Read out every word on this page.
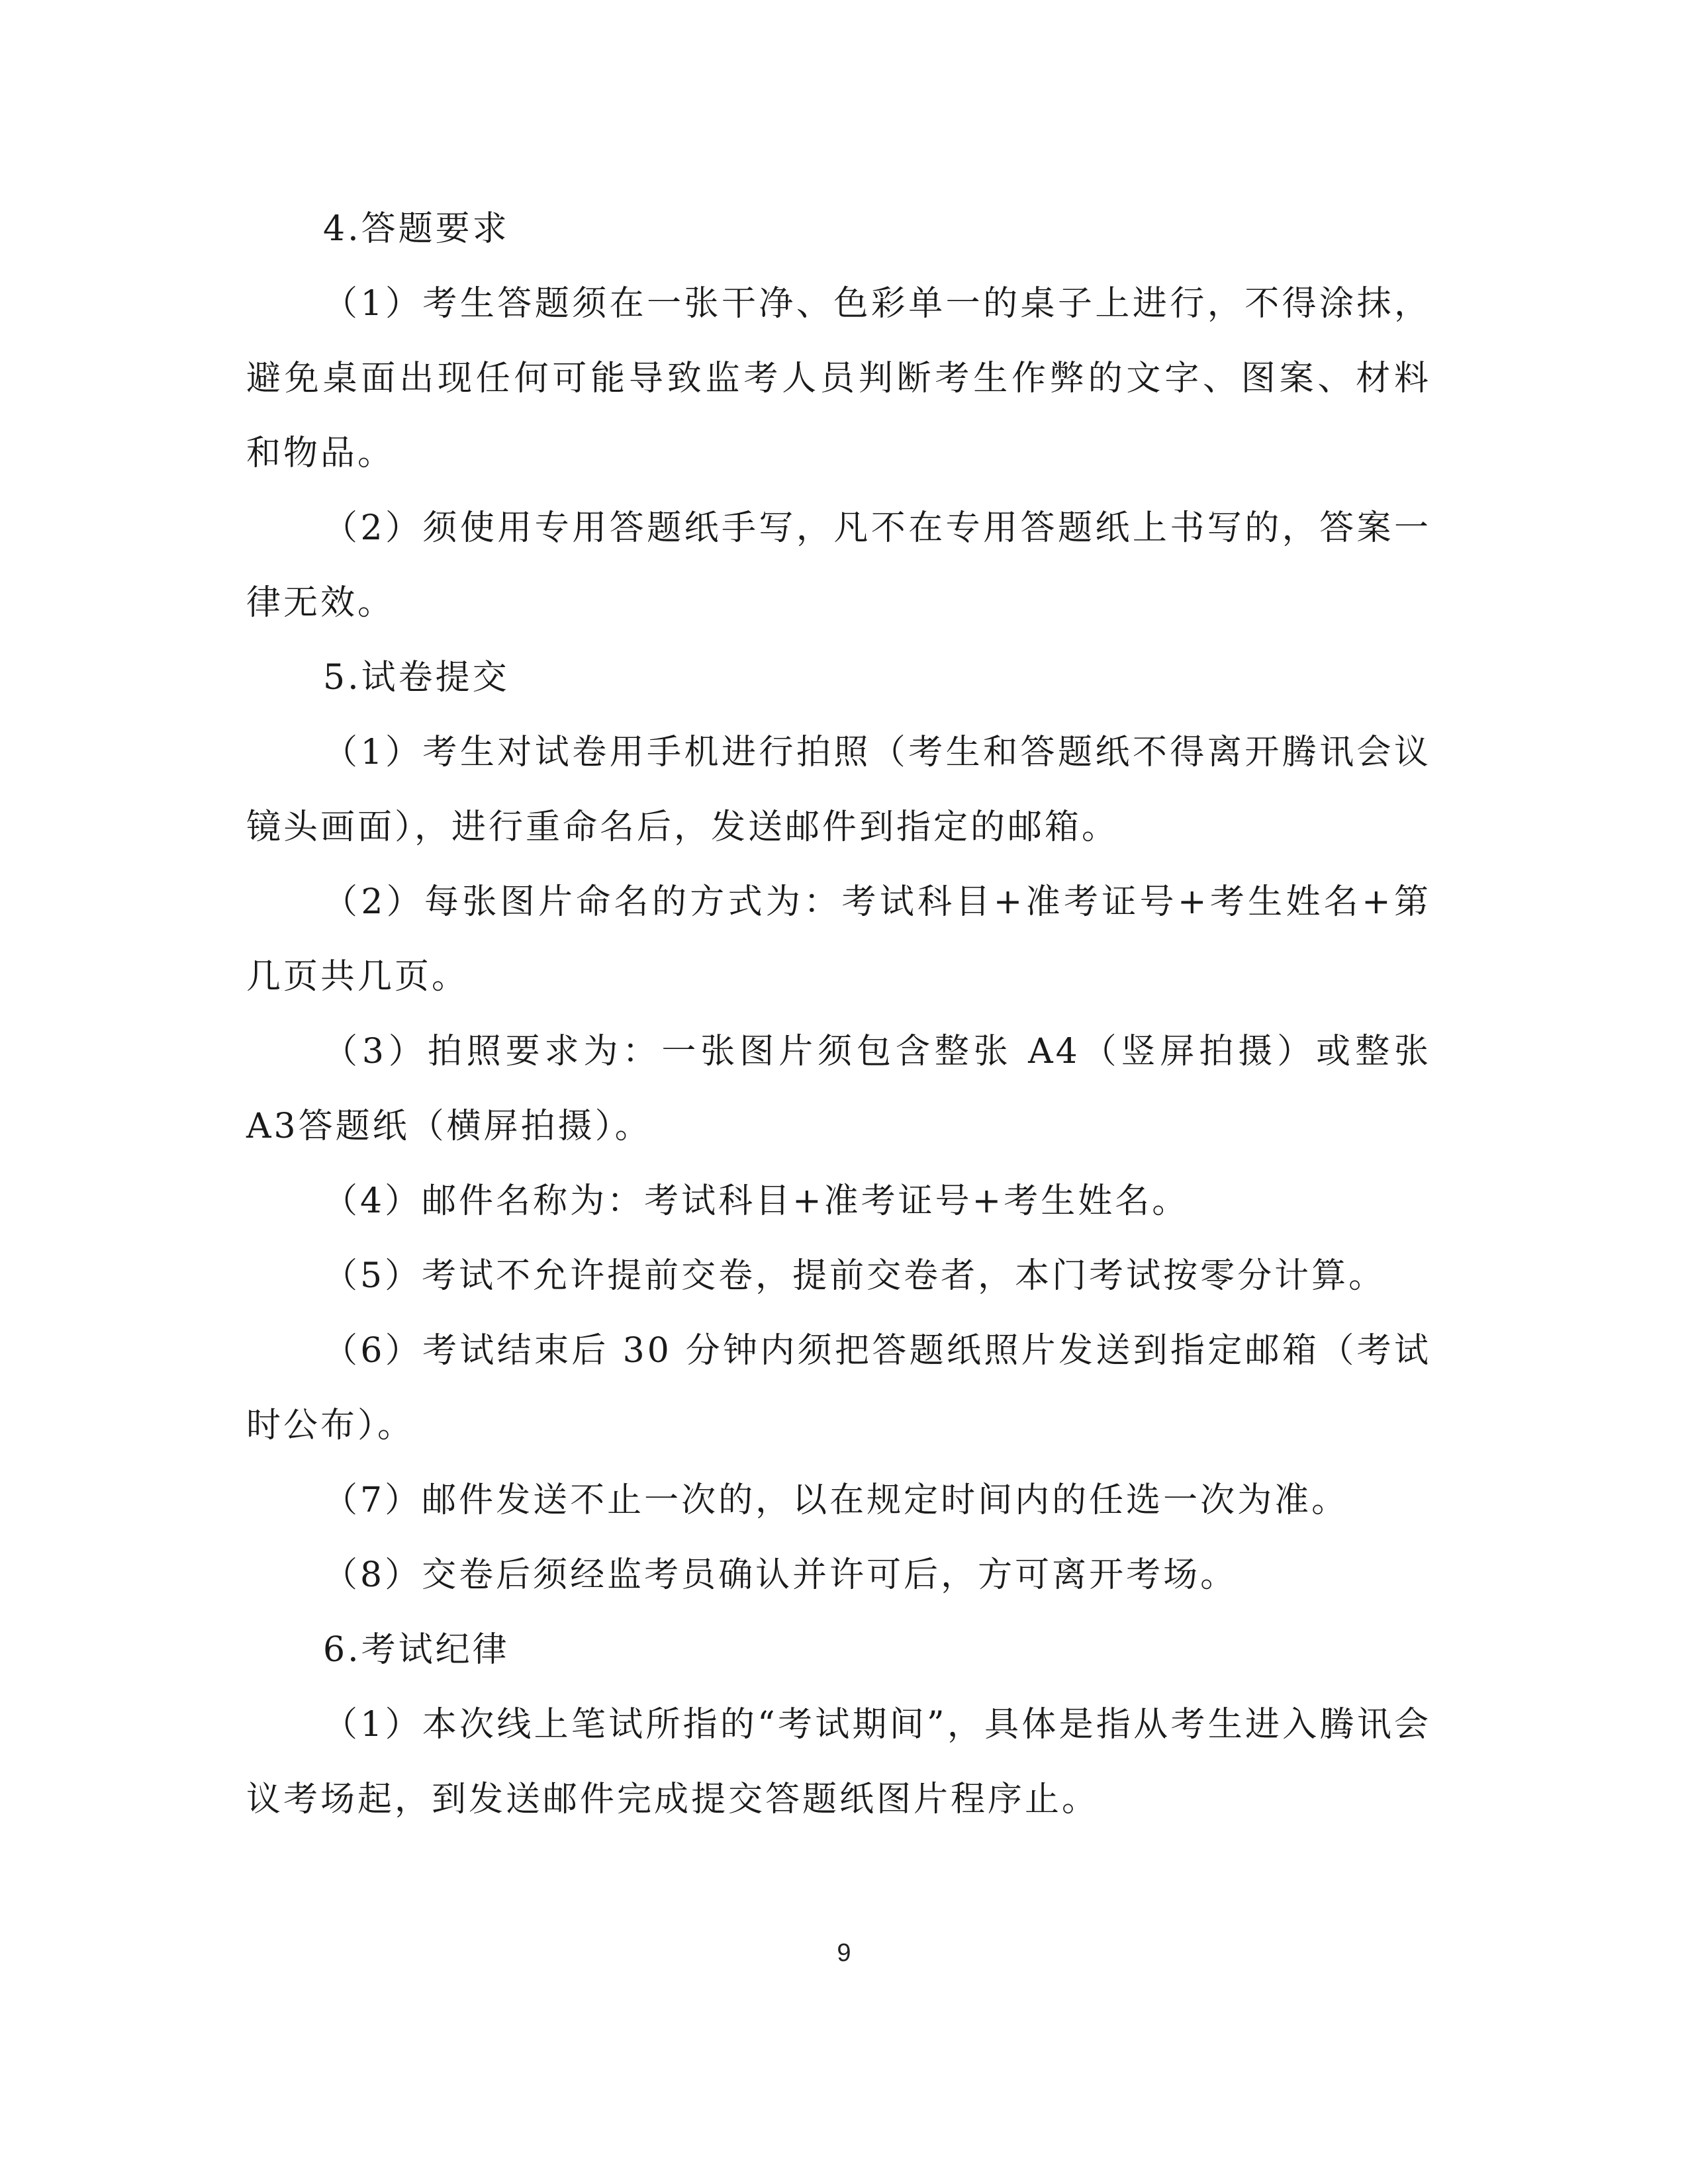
4.答题要求

（1）考生答题须在一张干净、色彩单一的桌子上进行，不得涂抹，避免桌面出现任何可能导致监考人员判断考生作弊的文字、图案、材料和物品。

（2）须使用专用答题纸手写，凡不在专用答题纸上书写的，答案一律无效。

5.试卷提交

（1）考生对试卷用手机进行拍照（考生和答题纸不得离开腾讯会议镜头画面），进行重命名后，发送邮件到指定的邮箱。

（2）每张图片命名的方式为：考试科目+准考证号+考生姓名+第几页共几页。

（3）拍照要求为：一张图片须包含整张 A4（竖屏拍摄）或整张 A3答题纸（横屏拍摄）。

（4）邮件名称为：考试科目+准考证号+考生姓名。

（5）考试不允许提前交卷，提前交卷者，本门考试按零分计算。

（6）考试结束后 30 分钟内须把答题纸照片发送到指定邮箱（考试时公布）。

（7）邮件发送不止一次的，以在规定时间内的任选一次为准。

（8）交卷后须经监考员确认并许可后，方可离开考场。

6.考试纪律

（1）本次线上笔试所指的“考试期间”，具体是指从考生进入腾讯会议考场起，到发送邮件完成提交答题纸图片程序止。

9
